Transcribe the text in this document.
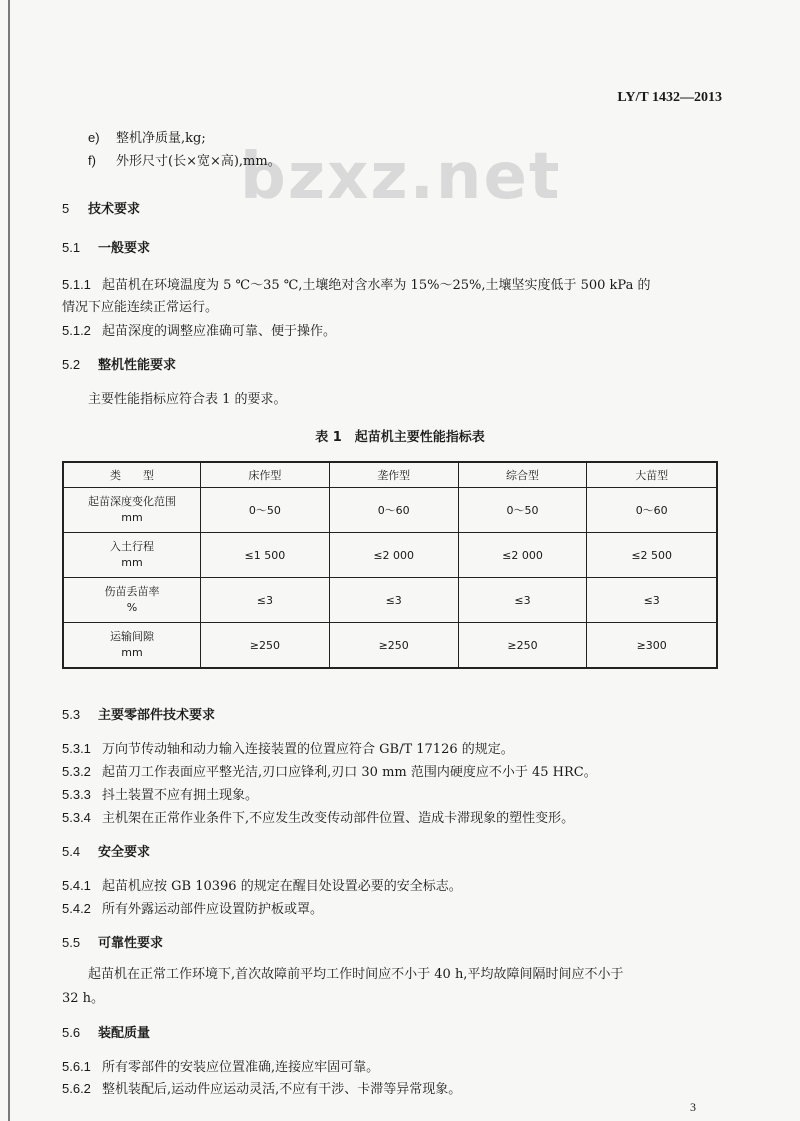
bzxz.net
LY/T 1432—2013
e) 整机净质量,kg;
f) 外形尺寸(长×宽×高),mm。
5 技术要求
5.1 一般要求
5.1.1 起苗机在环境温度为 5 ℃～35 ℃,土壤绝对含水率为 15%～25%,土壤坚实度低于 500 kPa 的
情况下应能连续正常运行。
5.1.2 起苗深度的调整应准确可靠、便于操作。
5.2 整机性能要求
主要性能指标应符合表 1 的要求。
表 1　起苗机主要性能指标表
类　　型	床作型	垄作型	综合型	大苗型
起苗深度变化范围
mm	0～50	0～60	0～50	0～60
入土行程
mm	≤1 500	≤2 000	≤2 000	≤2 500
伤苗丢苗率
%	≤3	≤3	≤3	≤3
运输间隙
mm	≥250	≥250	≥250	≥300
5.3 主要零部件技术要求
5.3.1 万向节传动轴和动力输入连接装置的位置应符合 GB/T 17126 的规定。
5.3.2 起苗刀工作表面应平整光洁,刃口应锋利,刃口 30 mm 范围内硬度应不小于 45 HRC。
5.3.3 抖土装置不应有拥土现象。
5.3.4 主机架在正常作业条件下,不应发生改变传动部件位置、造成卡滞现象的塑性变形。
5.4 安全要求
5.4.1 起苗机应按 GB 10396 的规定在醒目处设置必要的安全标志。
5.4.2 所有外露运动部件应设置防护板或罩。
5.5 可靠性要求
起苗机在正常工作环境下,首次故障前平均工作时间应不小于 40 h,平均故障间隔时间应不小于
32 h。
5.6 装配质量
5.6.1 所有零部件的安装应位置准确,连接应牢固可靠。
5.6.2 整机装配后,运动件应运动灵活,不应有干涉、卡滞等异常现象。
3
